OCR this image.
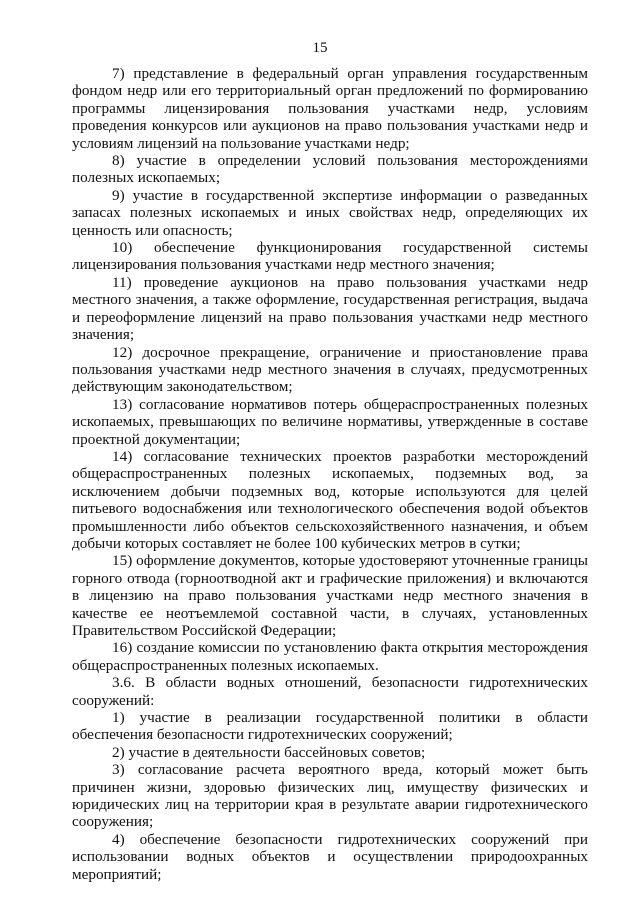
15

7) представление в федеральный орган управления государственным фондом недр или его территориальный орган предложений по формированию программы лицензирования пользования участками недр, условиям проведения конкурсов или аукционов на право пользования участками недр и условиям лицензий на пользование участками недр;

8) участие в определении условий пользования месторождениями полезных ископаемых;

9) участие в государственной экспертизе информации о разведанных запасах полезных ископаемых и иных свойствах недр, определяющих их ценность или опасность;

10) обеспечение функционирования государственной системы лицензирования пользования участками недр местного значения;

11) проведение аукционов на право пользования участками недр местного значения, а также оформление, государственная регистрация, выдача и переоформление лицензий на право пользования участками недр местного значения;

12) досрочное прекращение, ограничение и приостановление права пользования участками недр местного значения в случаях, предусмотренных действующим законодательством;

13) согласование нормативов потерь общераспространенных полезных ископаемых, превышающих по величине нормативы, утвержденные в составе проектной документации;

14) согласование технических проектов разработки месторождений общераспространенных полезных ископаемых, подземных вод, за исключением добычи подземных вод, которые используются для целей питьевого водоснабжения или технологического обеспечения водой объектов промышленности либо объектов сельскохозяйственного назначения, и объем добычи которых составляет не более 100 кубических метров в сутки;

15) оформление документов, которые удостоверяют уточненные границы горного отвода (горноотводной акт и графические приложения) и включаются в лицензию на право пользования участками недр местного значения в качестве ее неотъемлемой составной части, в случаях, установленных Правительством Российской Федерации;

16) создание комиссии по установлению факта открытия месторождения общераспространенных полезных ископаемых.

3.6. В области водных отношений, безопасности гидротехнических сооружений:

1) участие в реализации государственной политики в области обеспечения безопасности гидротехнических сооружений;

2) участие в деятельности бассейновых советов;

3) согласование расчета вероятного вреда, который может быть причинен жизни, здоровью физических лиц, имуществу физических и юридических лиц на территории края в результате аварии гидротехнического сооружения;

4) обеспечение безопасности гидротехнических сооружений при использовании водных объектов и осуществлении природоохранных мероприятий;
